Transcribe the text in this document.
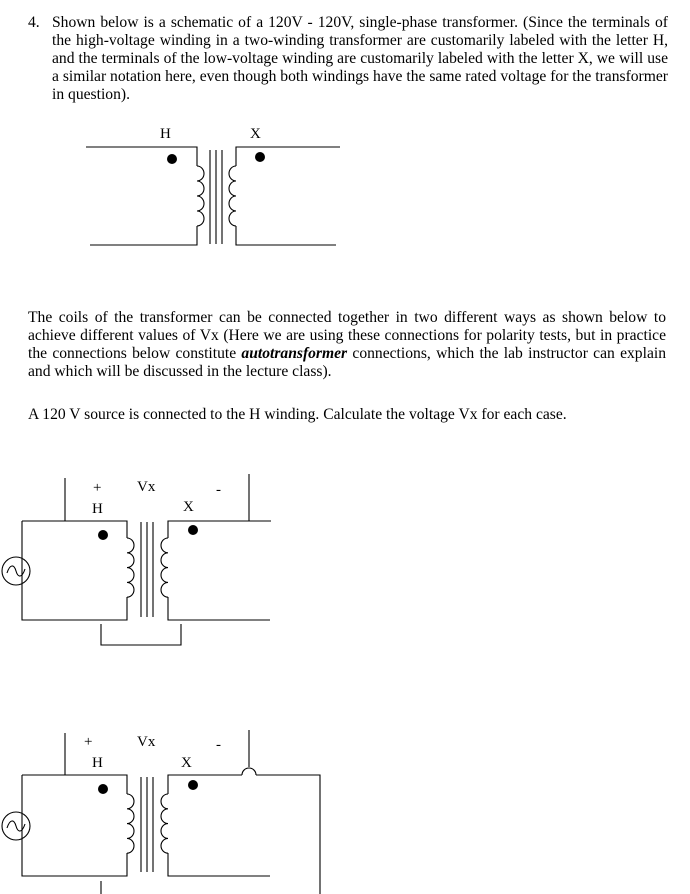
4. Shown below is a schematic of a 120V - 120V, single-phase transformer. (Since the terminals of the high-voltage winding in a two-winding transformer are customarily labeled with the letter H, and the terminals of the low-voltage winding are customarily labeled with the letter X, we will use a similar notation here, even though both windings have the same rated voltage for the transformer in question).
H	X
+ Vx	-
H	X
+	Vx	-
H	X
The coils of the transformer can be connected together in two different ways as shown below to achieve different values of Vx (Here we are using these connections for polarity tests, but in practice the connections below constitute autotransformer connections, which the lab instructor can explain and which will be discussed in the lecture class).
A 120 V source is connected to the H winding. Calculate the voltage Vx for each case.
